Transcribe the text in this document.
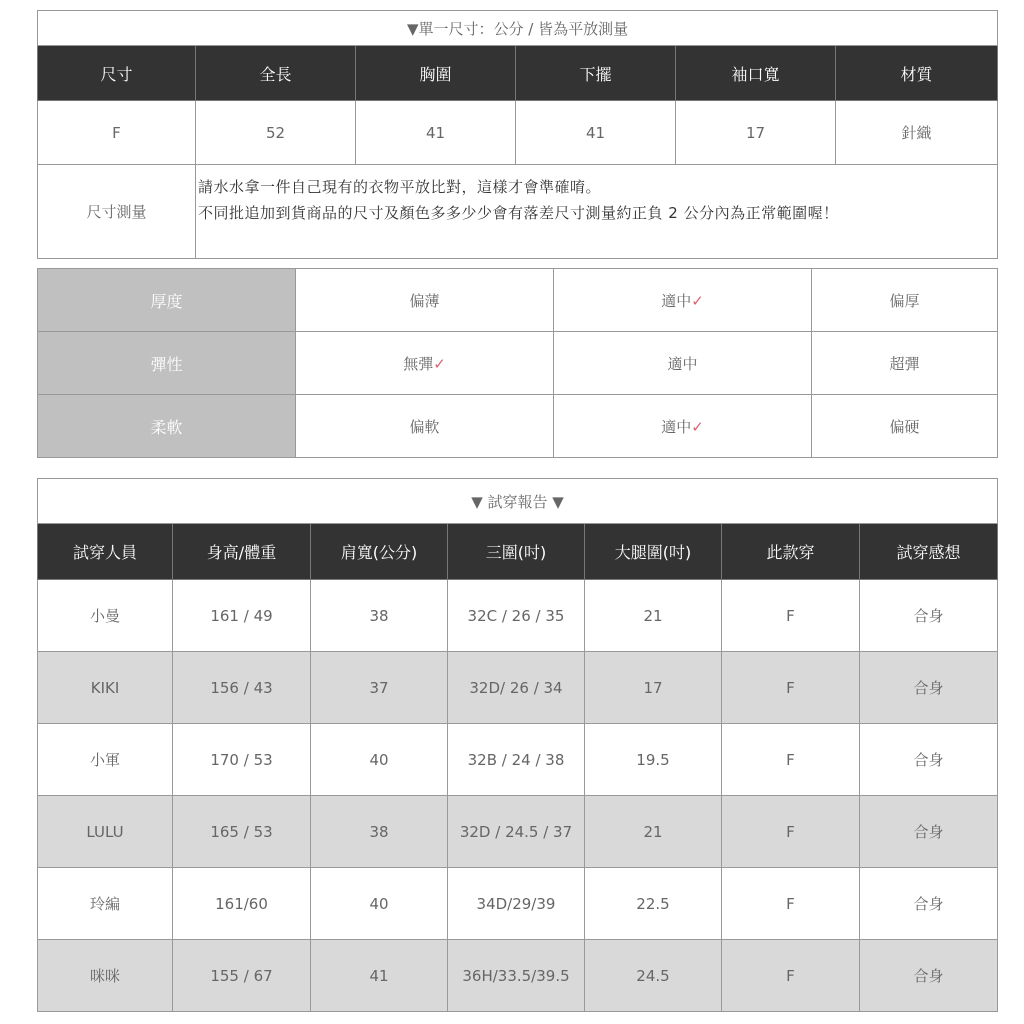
▼單一尺寸：公分 / 皆為平放測量					
尺寸	全長	胸圍	下擺	袖口寬	材質
F	52	41	41	17	針織
尺寸測量	請水水拿一件自己現有的衣物平放比對，這樣才會準確唷。
不同批追加到貨商品的尺寸及顏色多多少少會有落差尺寸測量約正負 2 公分內為正常範圍喔！				
厚度	偏薄	適中✓	偏厚
彈性	無彈✓	適中	超彈
柔軟	偏軟	適中✓	偏硬
▼ 試穿報告 ▼						
試穿人員	身高/體重	肩寬(公分)	三圍(吋)	大腿圍(吋)	此款穿	試穿感想
小曼	161 / 49	38	32C / 26 / 35	21	F	合身
KIKI	156 / 43	37	32D/ 26 / 34	17	F	合身
小軍	170 / 53	40	32B / 24 / 38	19.5	F	合身
LULU	165 / 53	38	32D / 24.5 / 37	21	F	合身
玲編	161/60	40	34D/29/39	22.5	F	合身
咪咪	155 / 67	41	36H/33.5/39.5	24.5	F	合身
